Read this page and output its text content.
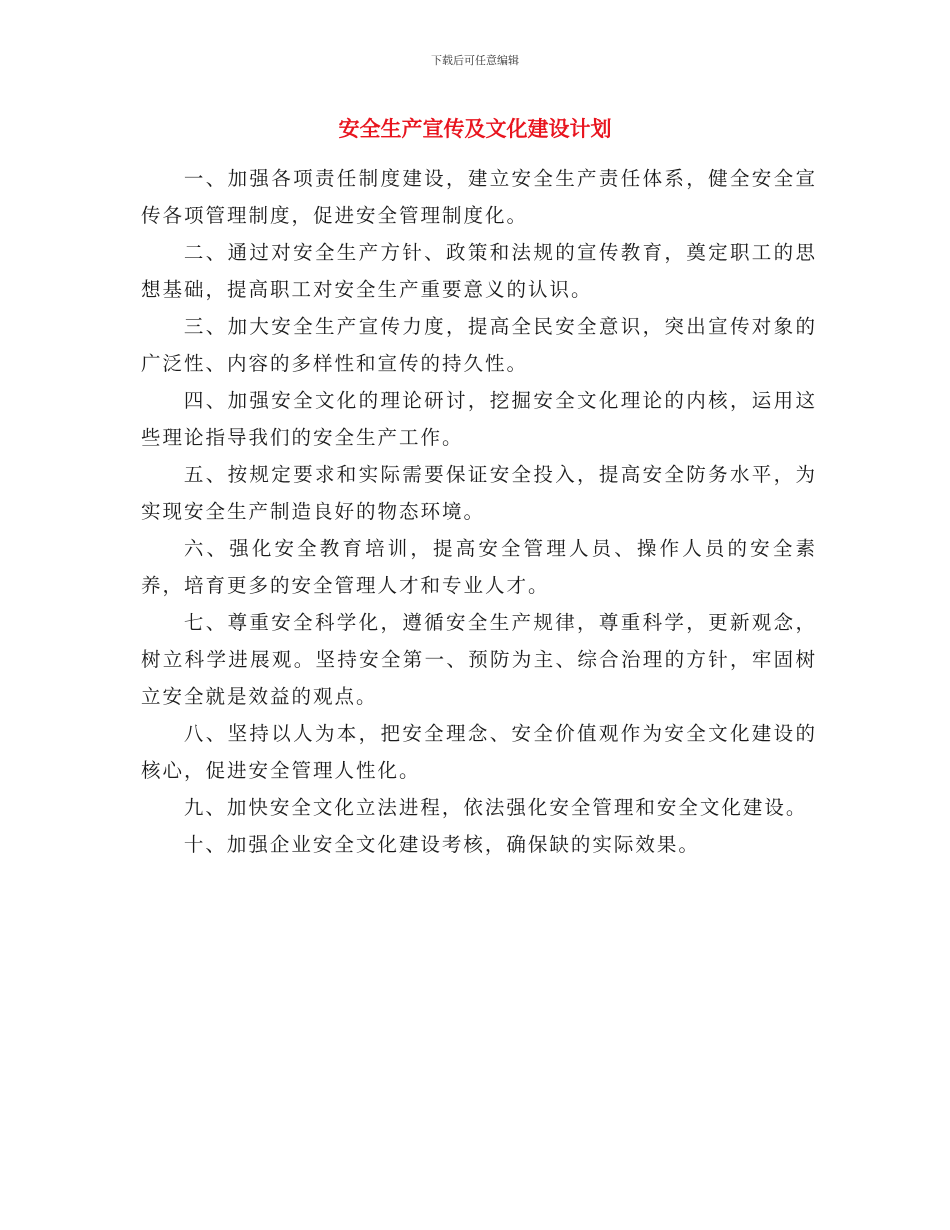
下载后可任意编辑
安全生产宣传及文化建设计划

一、加强各项责任制度建设，建立安全生产责任体系，健全安全宣传各项管理制度，促进安全管理制度化。

二、通过对安全生产方针、政策和法规的宣传教育，奠定职工的思想基础，提高职工对安全生产重要意义的认识。

三、加大安全生产宣传力度，提高全民安全意识，突出宣传对象的广泛性、内容的多样性和宣传的持久性。

四、加强安全文化的理论研讨，挖掘安全文化理论的内核，运用这些理论指导我们的安全生产工作。

五、按规定要求和实际需要保证安全投入，提高安全防务水平，为实现安全生产制造良好的物态环境。

六、强化安全教育培训，提高安全管理人员、操作人员的安全素养，培育更多的安全管理人才和专业人才。

七、尊重安全科学化，遵循安全生产规律，尊重科学，更新观念，树立科学进展观。坚持安全第一、预防为主、综合治理的方针，牢固树立安全就是效益的观点。

八、坚持以人为本，把安全理念、安全价值观作为安全文化建设的核心，促进安全管理人性化。

九、加快安全文化立法进程，依法强化安全管理和安全文化建设。

十、加强企业安全文化建设考核，确保缺的实际效果。
